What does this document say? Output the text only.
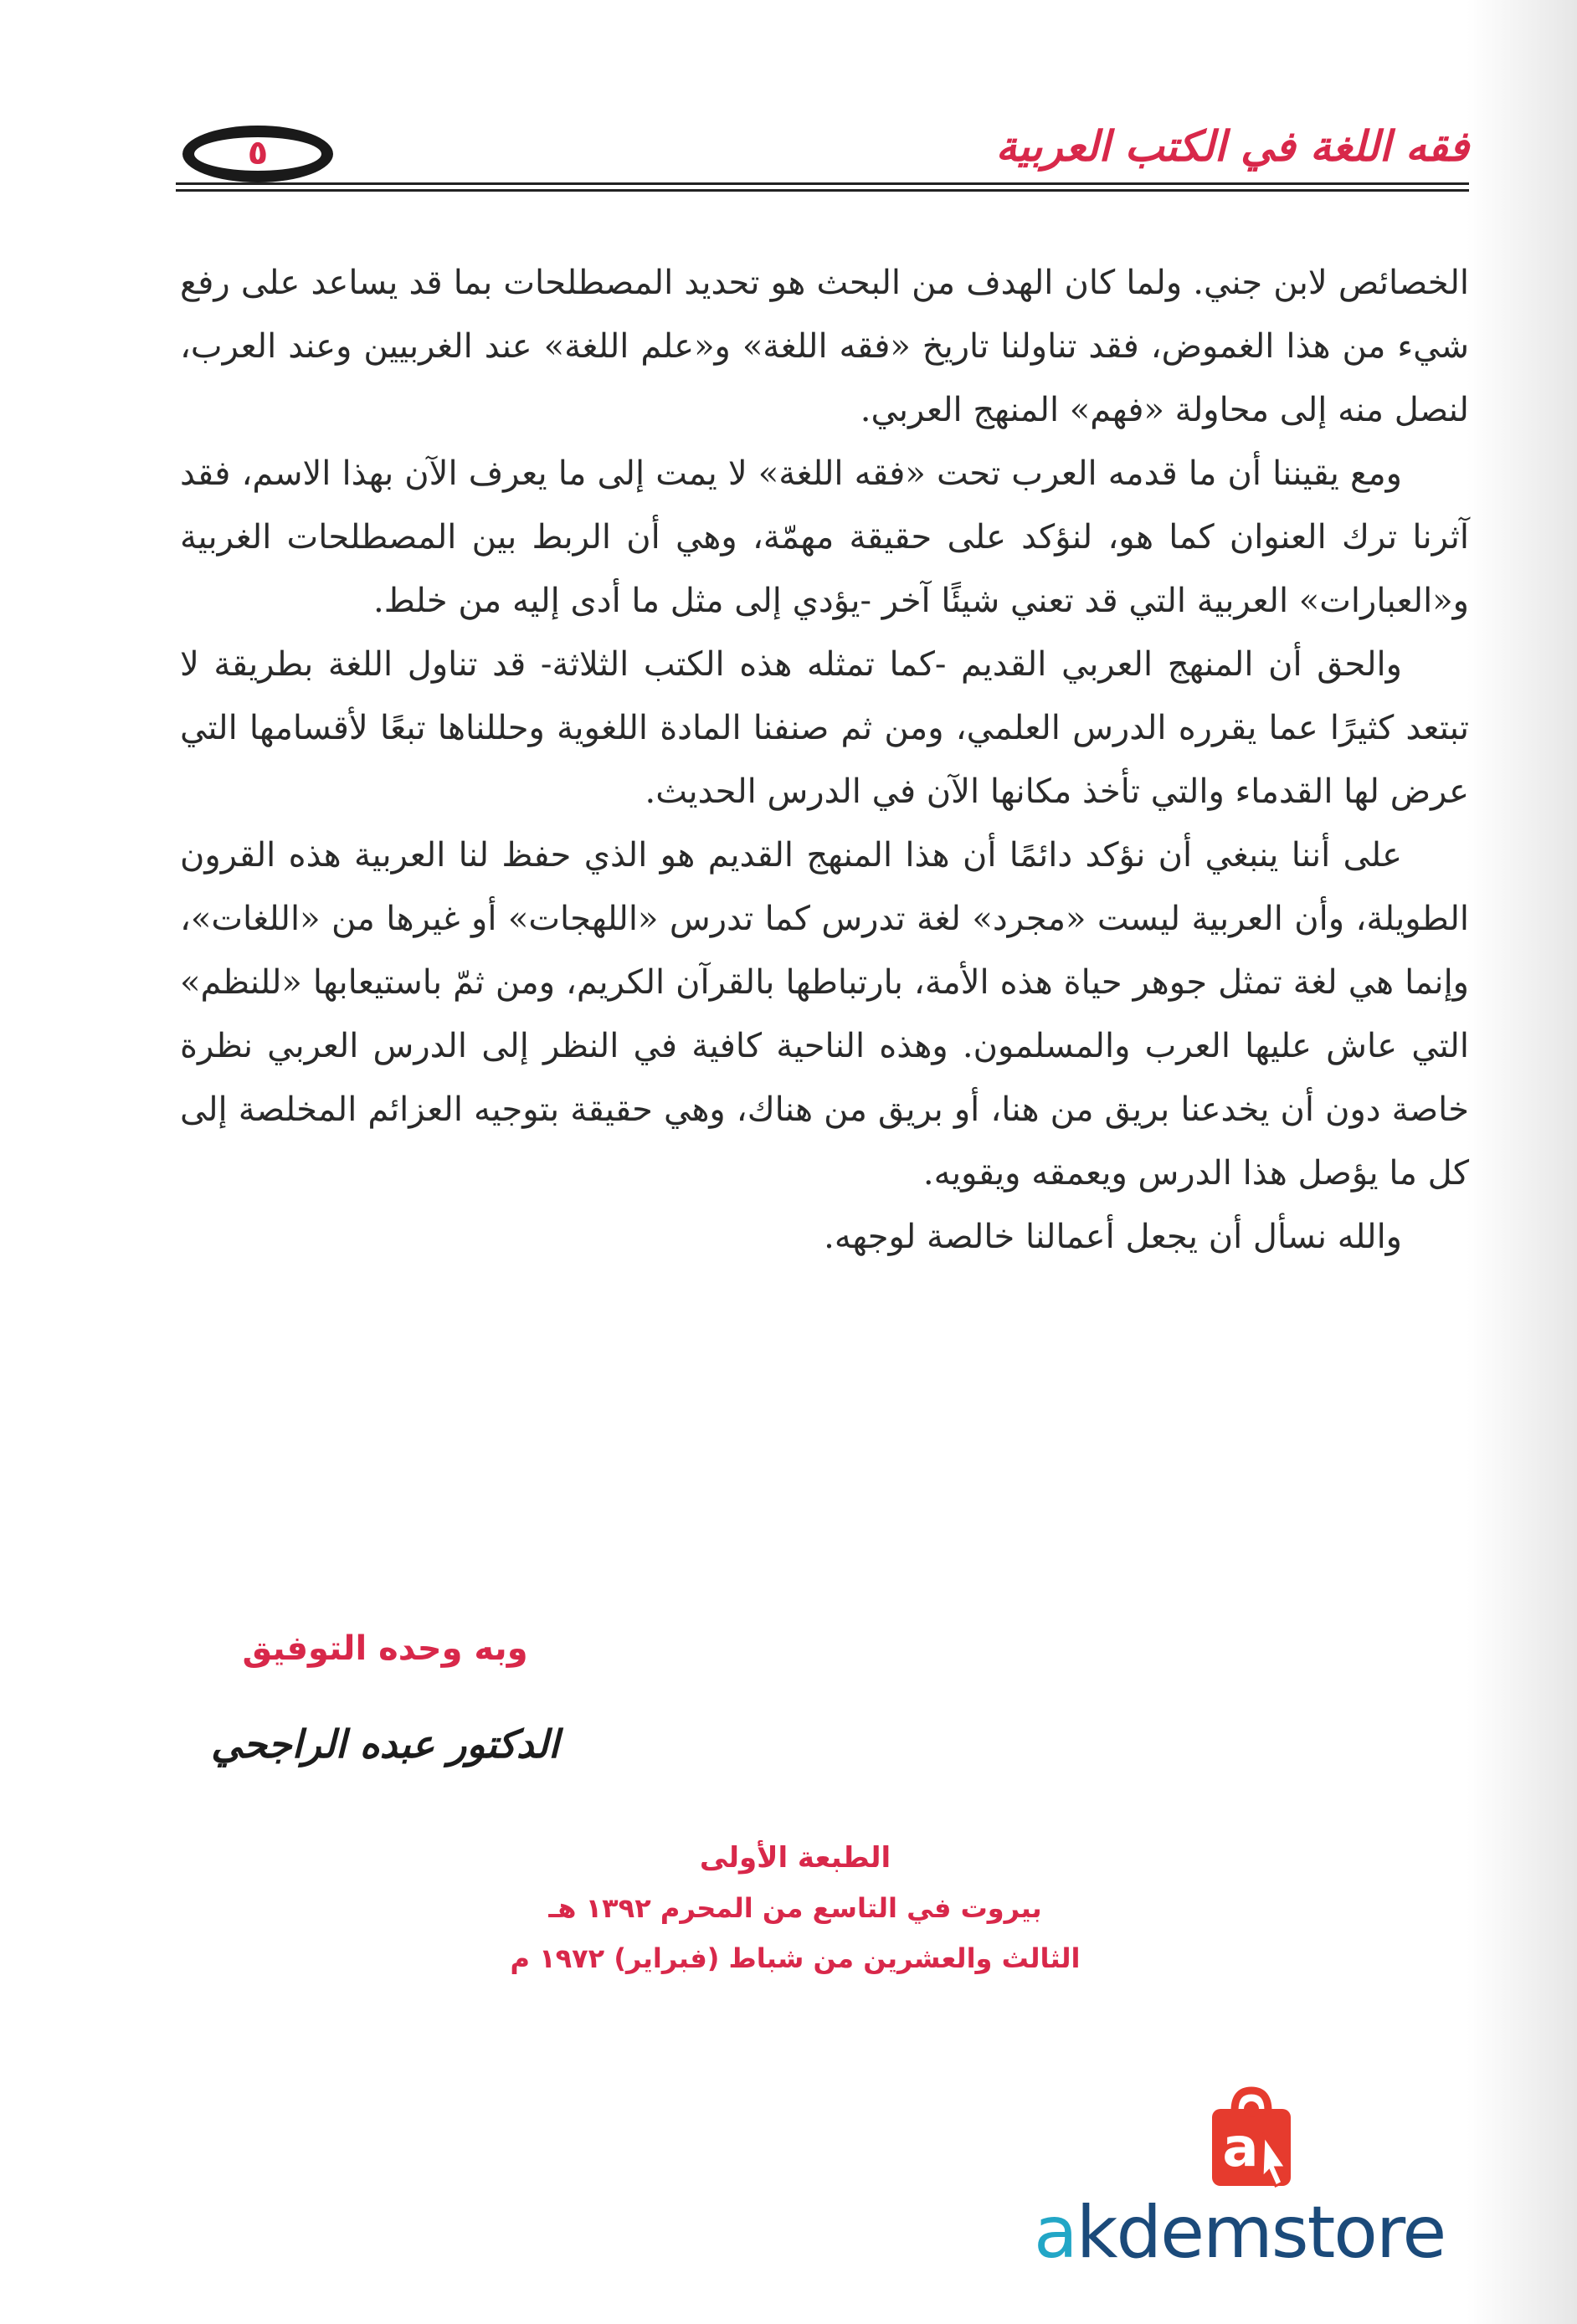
فقه اللغة في الكتب العربية
٥

الخصائص لابن جني. ولما كان الهدف من البحث هو تحديد المصطلحات بما قد يساعد على رفع شيء من هذا الغموض، فقد تناولنا تاريخ «فقه اللغة» و«علم اللغة» عند الغربيين وعند العرب، لنصل منه إلى محاولة «فهم» المنهج العربي.

ومع يقيننا أن ما قدمه العرب تحت «فقه اللغة» لا يمت إلى ما يعرف الآن بهذا الاسم، فقد آثرنا ترك العنوان كما هو، لنؤكد على حقيقة مهمّة، وهي أن الربط بين المصطلحات الغربية و«العبارات» العربية التي قد تعني شيئًا آخر -يؤدي إلى مثل ما أدى إليه من خلط.

والحق أن المنهج العربي القديم -كما تمثله هذه الكتب الثلاثة- قد تناول اللغة بطريقة لا تبتعد كثيرًا عما يقرره الدرس العلمي، ومن ثم صنفنا المادة اللغوية وحللناها تبعًا لأقسامها التي عرض لها القدماء والتي تأخذ مكانها الآن في الدرس الحديث.

على أننا ينبغي أن نؤكد دائمًا أن هذا المنهج القديم هو الذي حفظ لنا العربية هذه القرون الطويلة، وأن العربية ليست «مجرد» لغة تدرس كما تدرس «اللهجات» أو غيرها من «اللغات»، وإنما هي لغة تمثل جوهر حياة هذه الأمة، بارتباطها بالقرآن الكريم، ومن ثمّ باستيعابها «للنظم» التي عاش عليها العرب والمسلمون. وهذه الناحية كافية في النظر إلى الدرس العربي نظرة خاصة دون أن يخدعنا بريق من هنا، أو بريق من هناك، وهي حقيقة بتوجيه العزائم المخلصة إلى كل ما يؤصل هذا الدرس ويعمقه ويقويه.

والله نسأل أن يجعل أعمالنا خالصة لوجهه.

وبه وحده التوفيق
الدكتور عبده الراجحي
الطبعة الأولى
بيروت في التاسع من المحرم ١٣٩٢ هـ
الثالث والعشرين من شباط (فبراير) ١٩٧٢ م
a
akdemstore
